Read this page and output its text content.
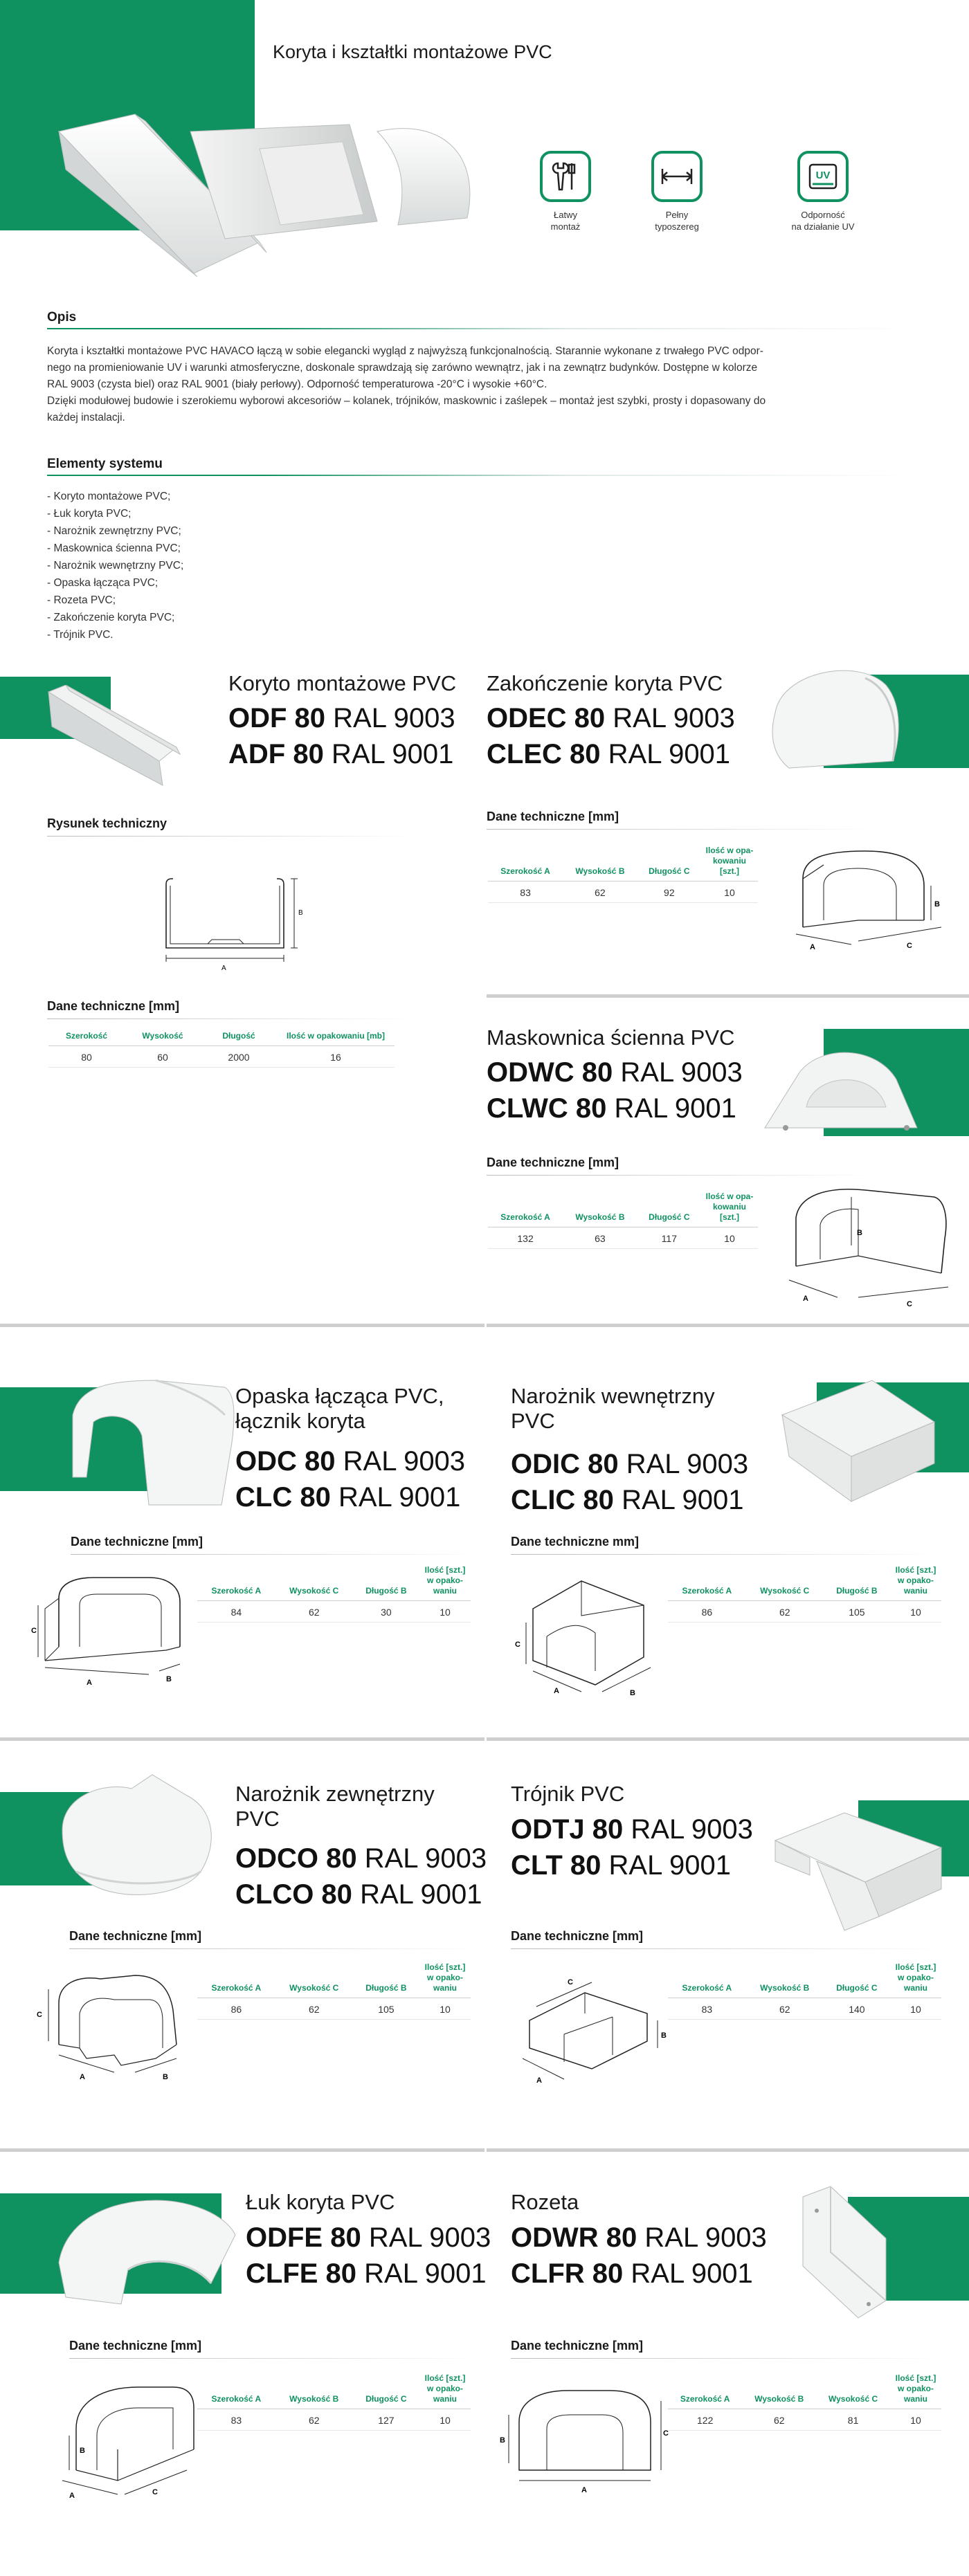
Koryta i kształtki montażowe PVC
Łatwy
montaż
Pełny
typoszereg
UV
Odporność
na działanie UV
Opis
Koryta i kształtki montażowe PVC HAVACO łączą w sobie elegancki wygląd z najwyższą funkcjonalnością. Starannie wykonane z trwałego PVC odpor-
nego na promieniowanie UV i warunki atmosferyczne, doskonale sprawdzają się zarówno wewnątrz, jak i na zewnątrz budynków. Dostępne w kolorze
RAL 9003 (czysta biel) oraz RAL 9001 (biały perłowy). Odporność temperaturowa -20°C i wysokie +60°C.
Dzięki modułowej budowie i szerokiemu wyborowi akcesoriów – kolanek, trójników, maskownic i zaślepek – montaż jest szybki, prosty i dopasowany do
każdej instalacji.
Elementy systemu
- Koryto montażowe PVC;
- Łuk koryta PVC;
- Narożnik zewnętrzny PVC;
- Maskownica ścienna PVC;
- Narożnik wewnętrzny PVC;
- Opaska łącząca PVC;
- Rozeta PVC;
- Zakończenie koryta PVC;
- Trójnik PVC.
Koryto montażowe PVC
ODF 80 RAL 9003
ADF 80 RAL 9001
Rysunek techniczny
A
B
Dane techniczne [mm]
Szerokość	Wysokość	Długość	Ilość w opakowaniu [mb]
80	60	2000	16
Zakończenie koryta PVC
ODEC 80 RAL 9003
CLEC 80 RAL 9001
Dane techniczne [mm]
Szerokość A	Wysokość B	Długość C	Ilość w opa-kowaniu [szt.]
83	62	92	10
A
B
C
Maskownica ścienna PVC
ODWC 80 RAL 9003
CLWC 80 RAL 9001
Dane techniczne [mm]
Szerokość A	Wysokość B	Długość C	Ilość w opa-kowaniu [szt.]
132	63	117	10
A
B
C
Opaska łącząca PVC,
łącznik koryta
ODC 80 RAL 9003
CLC 80 RAL 9001
Dane techniczne [mm]
A
C
B
Szerokość A	Wysokość C	Długość B	Ilość [szt.] w opako-waniu
84	62	30	10
Narożnik wewnętrzny
PVC
ODIC 80 RAL 9003
CLIC 80 RAL 9001
Dane techniczne mm]
C
A	B
Szerokość A	Wysokość C	Długość B	Ilość [szt.] w opako-waniu
86	62	105	10
Narożnik zewnętrzny
PVC
ODCO 80 RAL 9003
CLCO 80 RAL 9001
Dane techniczne [mm]
C
A	B
Szerokość A	Wysokość C	Długość B	Ilość [szt.] w opako-waniu
86	62	105	10
Trójnik PVC
ODTJ 80 RAL 9003
CLT 80 RAL 9001
Dane techniczne [mm]
C
B
A
Szerokość A	Wysokość B	Długość C	Ilość [szt.] w opako-waniu
83	62	140	10
Łuk koryta PVC
ODFE 80 RAL 9003
CLFE 80 RAL 9001
Dane techniczne [mm]
B
A	C
Szerokość A	Wysokość B	Długość C	Ilość [szt.] w opako-waniu
83	62	127	10
Rozeta
ODWR 80 RAL 9003
CLFR 80 RAL 9001
Dane techniczne [mm]
B
A
C
Szerokość A	Wysokość B	Wysokość C	Ilość [szt.] w opako-waniu
122	62	81	10
